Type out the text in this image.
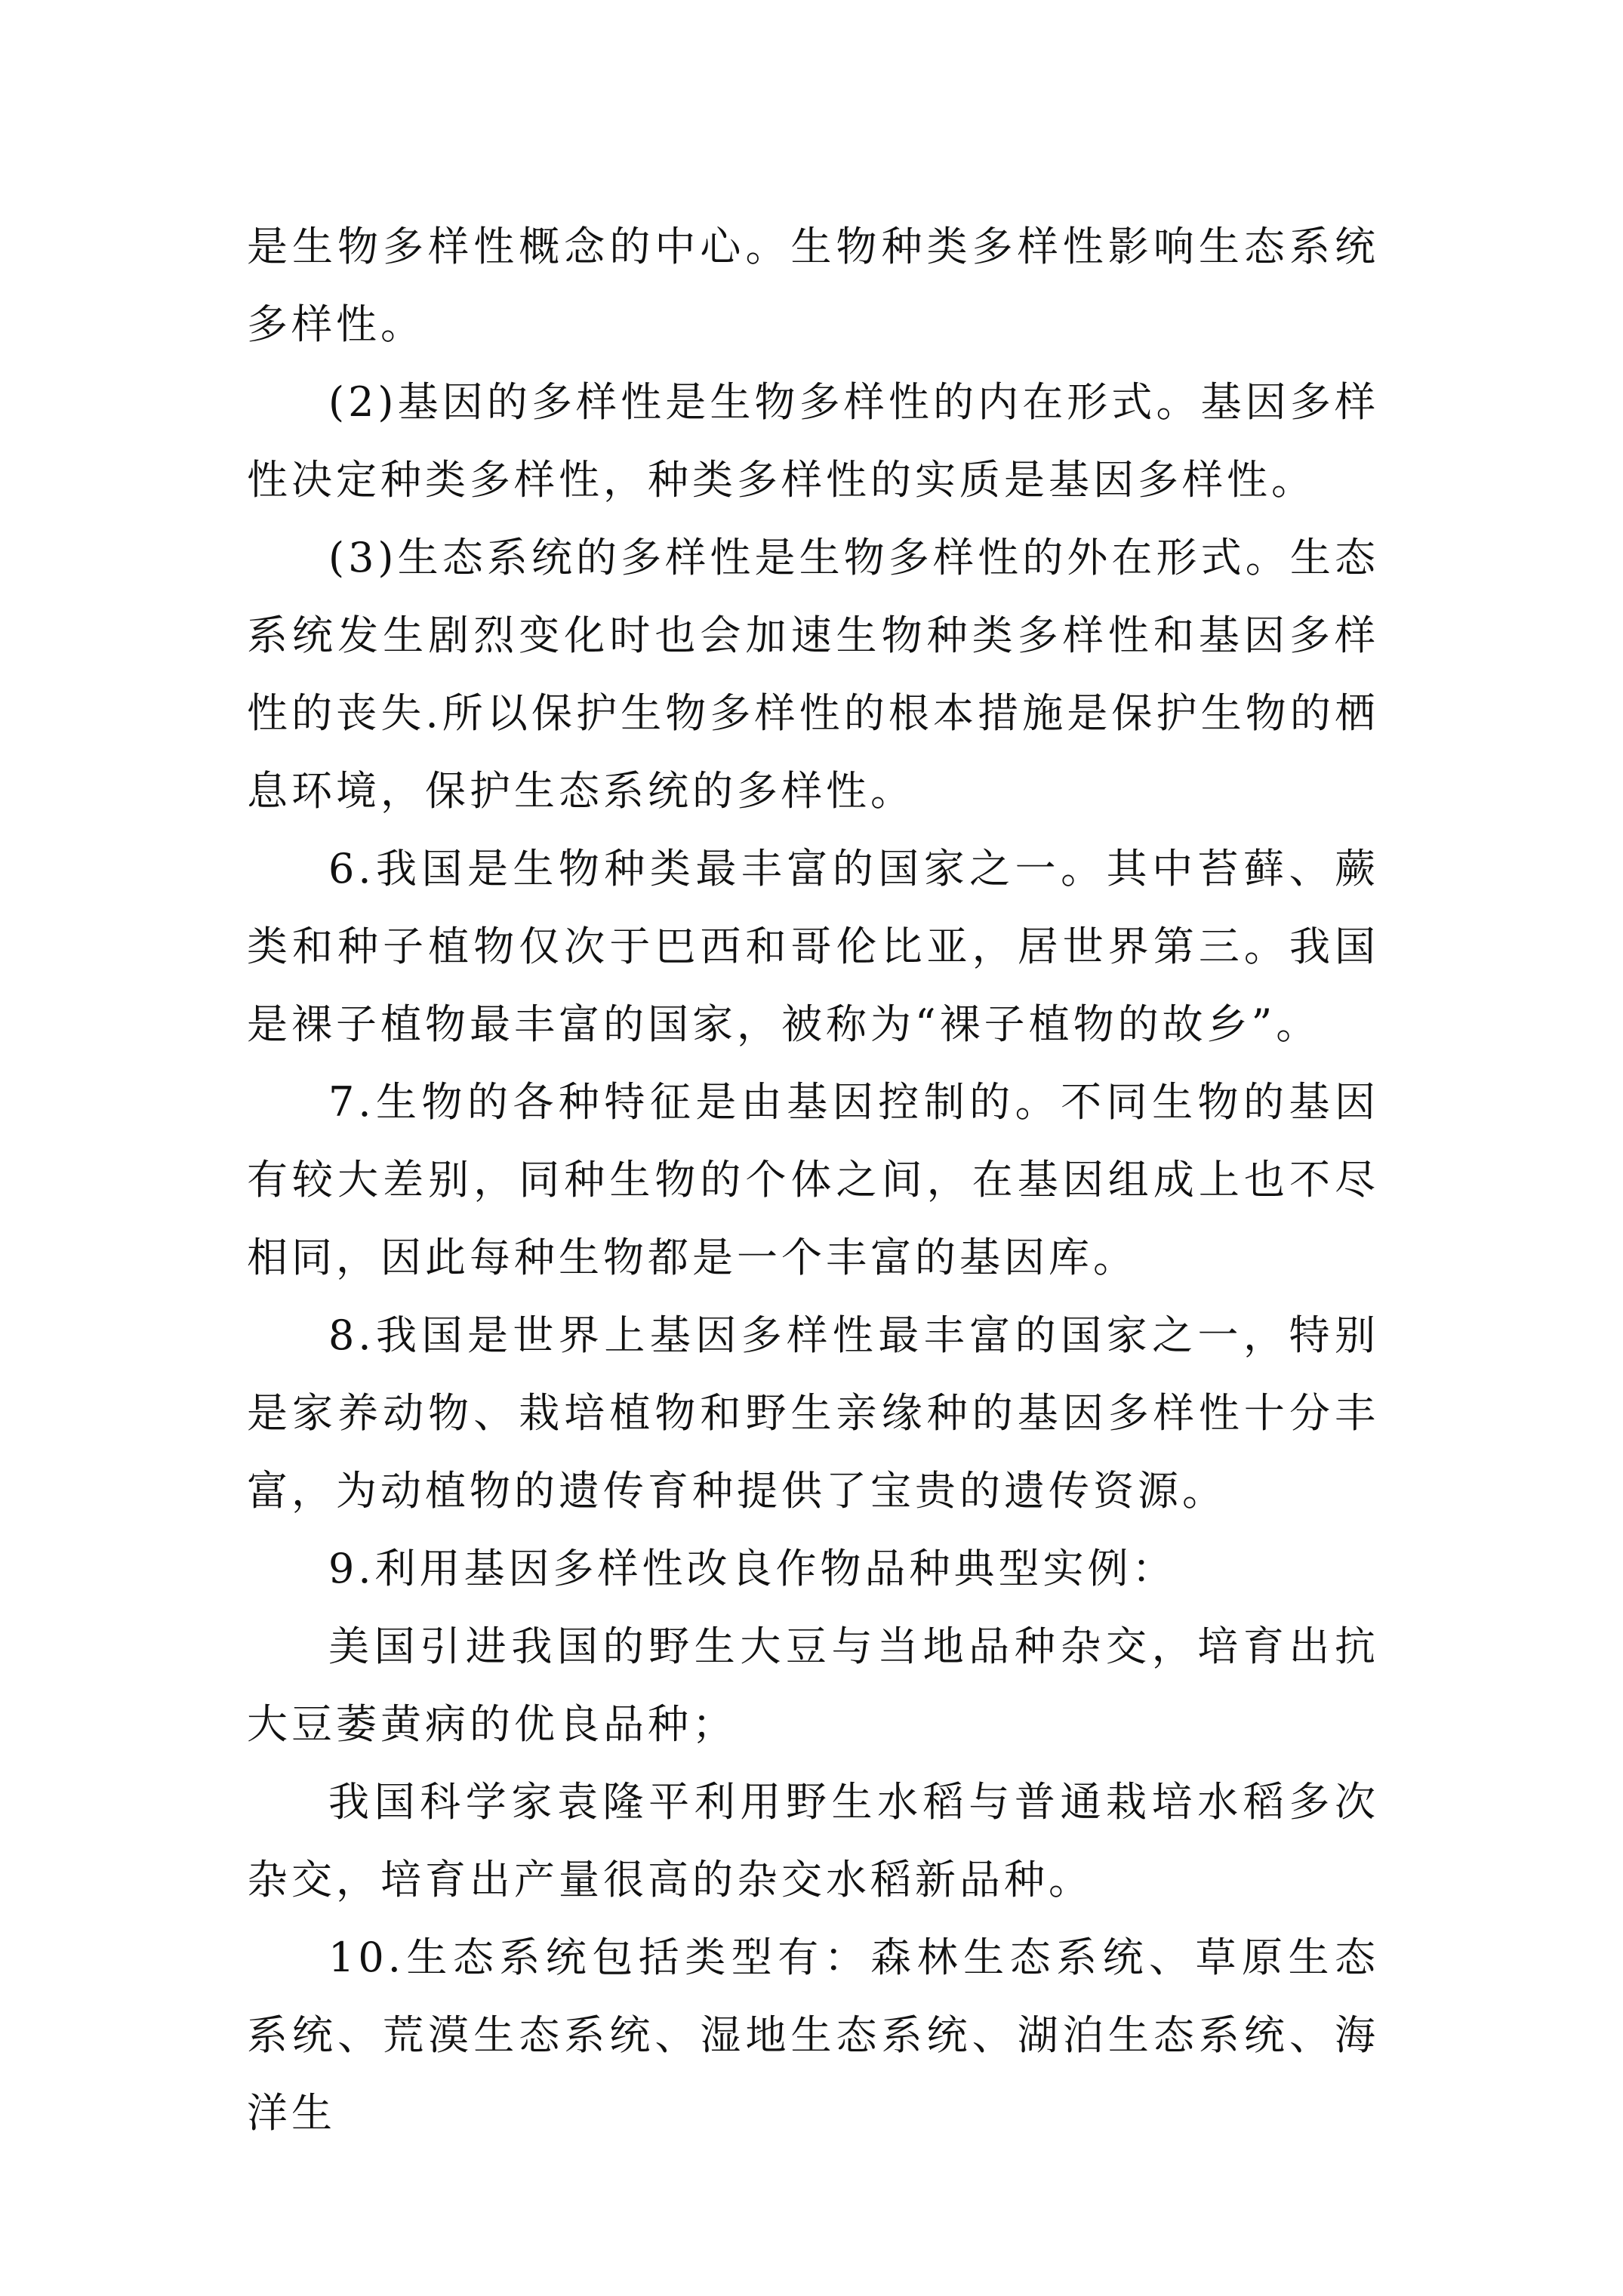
是生物多样性概念的中心。生物种类多样性影响生态系统多样性。

(2)基因的多样性是生物多样性的内在形式。基因多样性决定种类多样性，种类多样性的实质是基因多样性。

(3)生态系统的多样性是生物多样性的外在形式。生态系统发生剧烈变化时也会加速生物种类多样性和基因多样性的丧失.所以保护生物多样性的根本措施是保护生物的栖息环境，保护生态系统的多样性。

6.我国是生物种类最丰富的国家之一。其中苔藓、蕨类和种子植物仅次于巴西和哥伦比亚，居世界第三。我国是裸子植物最丰富的国家，被称为“裸子植物的故乡”。

7.生物的各种特征是由基因控制的。不同生物的基因有较大差别，同种生物的个体之间，在基因组成上也不尽相同，因此每种生物都是一个丰富的基因库。

8.我国是世界上基因多样性最丰富的国家之一，特别是家养动物、栽培植物和野生亲缘种的基因多样性十分丰富，为动植物的遗传育种提供了宝贵的遗传资源。

9.利用基因多样性改良作物品种典型实例：

美国引进我国的野生大豆与当地品种杂交，培育出抗大豆萎黄病的优良品种；

我国科学家袁隆平利用野生水稻与普通栽培水稻多次杂交，培育出产量很高的杂交水稻新品种。

10.生态系统包括类型有：森林生态系统、草原生态系统、荒漠生态系统、湿地生态系统、湖泊生态系统、海洋生
